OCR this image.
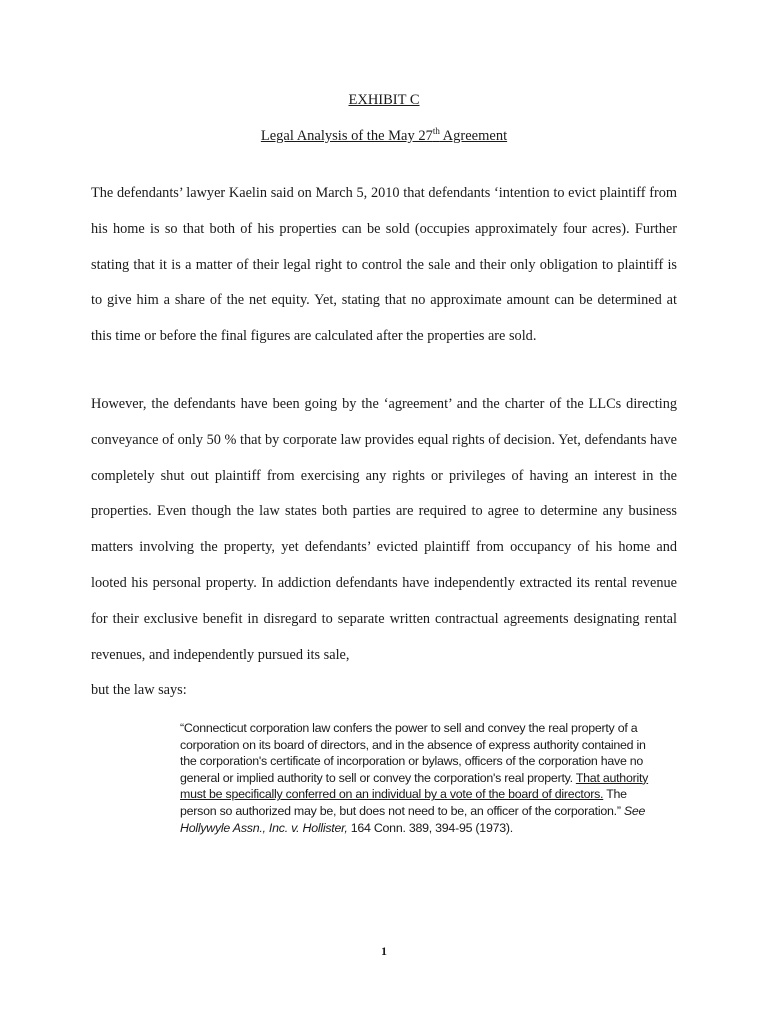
EXHIBIT C
Legal Analysis of the May 27th Agreement

The defendants’ lawyer Kaelin said on March 5, 2010 that defendants ‘intention to evict plaintiff from his home is so that both of his properties can be sold (occupies approximately four acres). Further stating that it is a matter of their legal right to control the sale and their only obligation to plaintiff is to give him a share of the net equity. Yet, stating that no approximate amount can be determined at this time or before the final figures are calculated after the properties are sold.

However, the defendants have been going by the ‘agreement’ and the charter of the LLCs directing conveyance of only 50 % that by corporate law provides equal rights of decision. Yet, defendants have completely shut out plaintiff from exercising any rights or privileges of having an interest in the properties. Even though the law states both parties are required to agree to determine any business matters involving the property, yet defendants’ evicted plaintiff from occupancy of his home and looted his personal property. In addiction defendants have independently extracted its rental revenue for their exclusive benefit in disregard to separate written contractual agreements designating rental revenues, and independently pursued its sale,
but the law says:

“Connecticut corporation law confers the power to sell and convey the real property of a corporation on its board of directors, and in the absence of express authority contained in the corporation's certificate of incorporation or bylaws, officers of the corporation have no general or implied authority to sell or convey the corporation's real property. That authority must be specifically conferred on an individual by a vote of the board of directors. The person so authorized may be, but does not need to be, an officer of the corporation.” See Hollywyle Assn., Inc. v. Hollister, 164 Conn. 389, 394-95 (1973).

1
